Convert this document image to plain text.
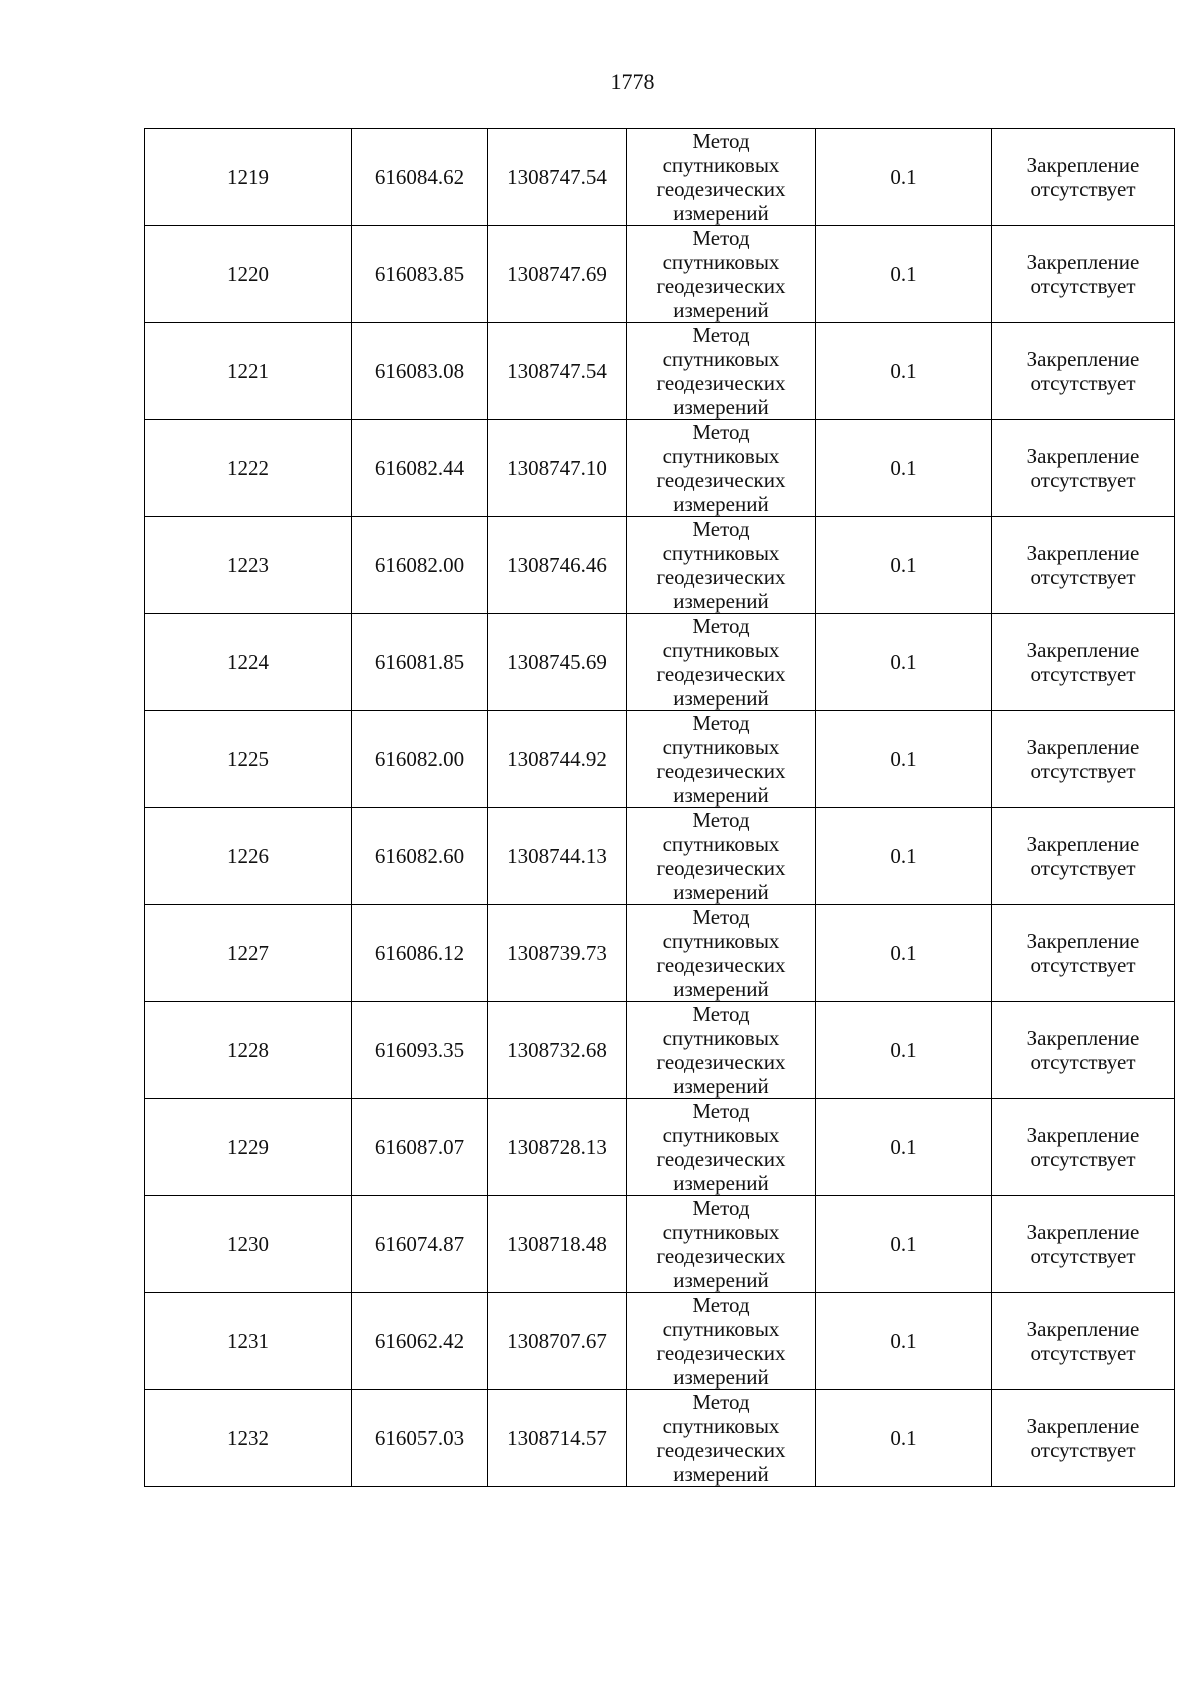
1778
1219	616084.62	1308747.54	Метод
спутниковых
геодезических
измерений	0.1	Закрепление
отсутствует

1220	616083.85	1308747.69	Метод
спутниковых
геодезических
измерений	0.1	Закрепление
отсутствует

1221	616083.08	1308747.54	Метод
спутниковых
геодезических
измерений	0.1	Закрепление
отсутствует

1222	616082.44	1308747.10	Метод
спутниковых
геодезических
измерений	0.1	Закрепление
отсутствует

1223	616082.00	1308746.46	Метод
спутниковых
геодезических
измерений	0.1	Закрепление
отсутствует

1224	616081.85	1308745.69	Метод
спутниковых
геодезических
измерений	0.1	Закрепление
отсутствует

1225	616082.00	1308744.92	Метод
спутниковых
геодезических
измерений	0.1	Закрепление
отсутствует

1226	616082.60	1308744.13	Метод
спутниковых
геодезических
измерений	0.1	Закрепление
отсутствует

1227	616086.12	1308739.73	Метод
спутниковых
геодезических
измерений	0.1	Закрепление
отсутствует

1228	616093.35	1308732.68	Метод
спутниковых
геодезических
измерений	0.1	Закрепление
отсутствует

1229	616087.07	1308728.13	Метод
спутниковых
геодезических
измерений	0.1	Закрепление
отсутствует

1230	616074.87	1308718.48	Метод
спутниковых
геодезических
измерений	0.1	Закрепление
отсутствует

1231	616062.42	1308707.67	Метод
спутниковых
геодезических
измерений	0.1	Закрепление
отсутствует

1232	616057.03	1308714.57	Метод
спутниковых
геодезических
измерений	0.1	Закрепление
отсутствует
